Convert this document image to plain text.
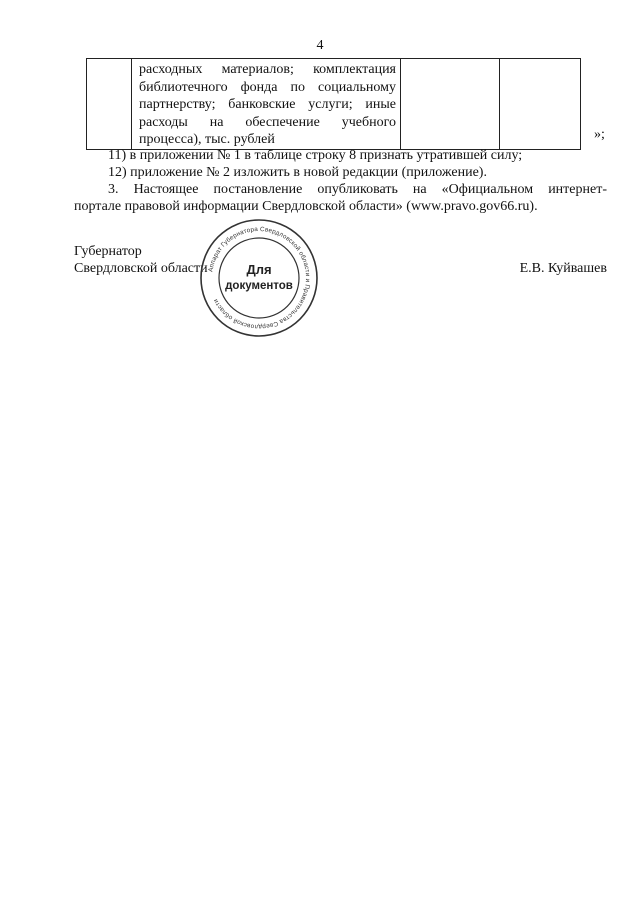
4

расходных материалов; комплектация
библиотечного фонда по социальному
партнерству; банковские услуги; иные
расходы на обеспечение учебного
процесса), тыс. рублей
			»;
11) в приложении № 1 в таблице строку 8 признать утратившей силу;
12) приложение № 2 изложить в новой редакции (приложение).
3. Настоящее постановление опубликовать на «Официальном интернет-
портале правовой информации Свердловской области» (www.pravo.gov66.ru).
Губернатор
Свердловской области	Е.В. Куйвашев
Аппарат Губернатора Свердловской области и Правительства Свердловской области
Для
документов
